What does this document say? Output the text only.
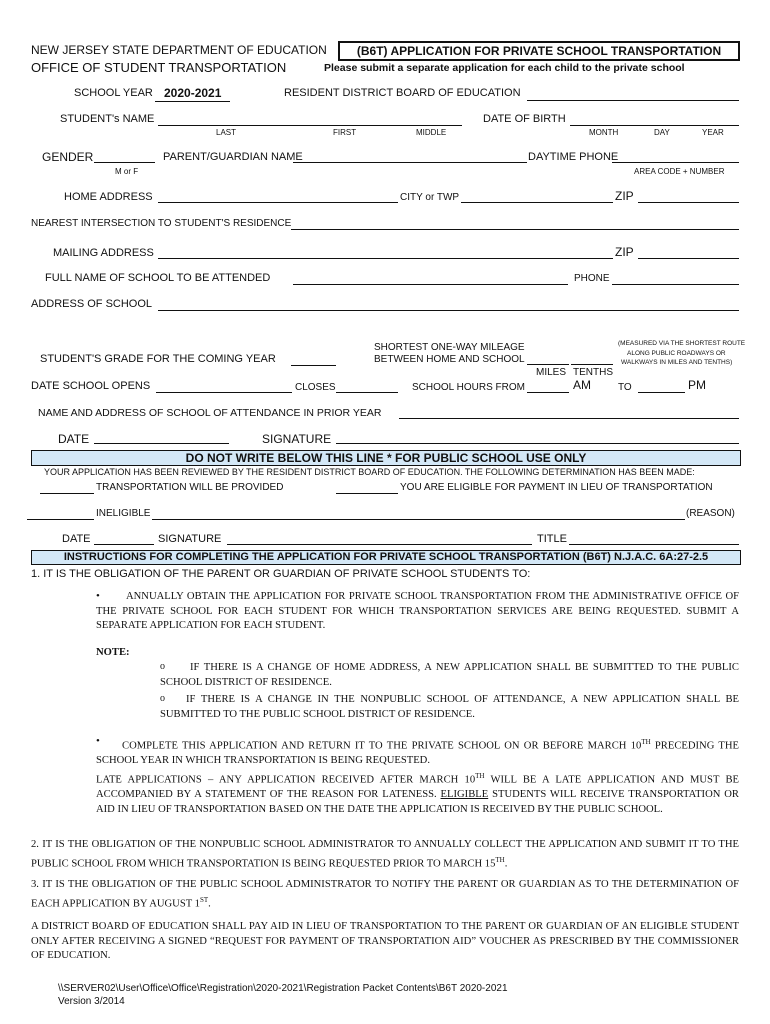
NEW JERSEY STATE DEPARTMENT OF EDUCATION
OFFICE OF STUDENT TRANSPORTATION
(B6T) APPLICATION FOR PRIVATE SCHOOL TRANSPORTATION
Please submit a separate application for each child to the private school
SCHOOL YEAR 2020-2021	RESIDENT DISTRICT BOARD OF EDUCATION
STUDENT's NAME
LAST	FIRST	MIDDLE
DATE OF BIRTH
MONTH	DAY	YEAR
GENDER
M or F
PARENT/GUARDIAN NAME	DAYTIME PHONE
AREA CODE + NUMBER
HOME ADDRESS	CITY or TWP	ZIP
NEAREST INTERSECTION TO STUDENT'S RESIDENCE
MAILING ADDRESS	ZIP
FULL NAME OF SCHOOL TO BE ATTENDED	PHONE
ADDRESS OF SCHOOL
SHORTEST ONE-WAY MILEAGE
BETWEEN HOME AND SCHOOL
(MEASURED VIA THE SHORTEST ROUTE
ALONG PUBLIC ROADWAYS OR
WALKWAYS IN MILES AND TENTHS)
STUDENT'S GRADE FOR THE COMING YEAR
MILES TENTHS
DATE SCHOOL OPENS	CLOSES	SCHOOL HOURS FROM	AM	TO	PM
NAME AND ADDRESS OF SCHOOL OF ATTENDANCE IN PRIOR YEAR
DATE	SIGNATURE
DO NOT WRITE BELOW THIS LINE * FOR PUBLIC SCHOOL USE ONLY
YOUR APPLICATION HAS BEEN REVIEWED BY THE RESIDENT DISTRICT BOARD OF EDUCATION. THE FOLLOWING DETERMINATION HAS BEEN MADE:
TRANSPORTATION WILL BE PROVIDED	YOU ARE ELIGIBLE FOR PAYMENT IN LIEU OF TRANSPORTATION
INELIGIBLE	(REASON)
DATE	SIGNATURE	TITLE
INSTRUCTIONS FOR COMPLETING THE APPLICATION FOR PRIVATE SCHOOL TRANSPORTATION (B6T) N.J.A.C. 6A:27-2.5
1. IT IS THE OBLIGATION OF THE PARENT OR GUARDIAN OF PRIVATE SCHOOL STUDENTS TO:
•	ANNUALLY OBTAIN THE APPLICATION FOR PRIVATE SCHOOL TRANSPORTATION FROM THE ADMINISTRATIVE OFFICE OF THE PRIVATE SCHOOL FOR EACH STUDENT FOR WHICH TRANSPORTATION SERVICES ARE BEING REQUESTED. SUBMIT A SEPARATE APPLICATION FOR EACH STUDENT.
NOTE:
o	IF THERE IS A CHANGE OF HOME ADDRESS, A NEW APPLICATION SHALL BE SUBMITTED TO THE PUBLIC SCHOOL DISTRICT OF RESIDENCE.
o	IF THERE IS A CHANGE IN THE NONPUBLIC SCHOOL OF ATTENDANCE, A NEW APPLICATION SHALL BE SUBMITTED TO THE PUBLIC SCHOOL DISTRICT OF RESIDENCE.
•	COMPLETE THIS APPLICATION AND RETURN IT TO THE PRIVATE SCHOOL ON OR BEFORE MARCH 10TH PRECEDING THE SCHOOL YEAR IN WHICH TRANSPORTATION IS BEING REQUESTED.
LATE APPLICATIONS – ANY APPLICATION RECEIVED AFTER MARCH 10TH WILL BE A LATE APPLICATION AND MUST BE ACCOMPANIED BY A STATEMENT OF THE REASON FOR LATENESS. ELIGIBLE STUDENTS WILL RECEIVE TRANSPORTATION OR AID IN LIEU OF TRANSPORTATION BASED ON THE DATE THE APPLICATION IS RECEIVED BY THE PUBLIC SCHOOL.
2. IT IS THE OBLIGATION OF THE NONPUBLIC SCHOOL ADMINISTRATOR TO ANNUALLY COLLECT THE APPLICATION AND SUBMIT IT TO THE PUBLIC SCHOOL FROM WHICH TRANSPORTATION IS BEING REQUESTED PRIOR TO MARCH 15TH.
3. IT IS THE OBLIGATION OF THE PUBLIC SCHOOL ADMINISTRATOR TO NOTIFY THE PARENT OR GUARDIAN AS TO THE DETERMINATION OF EACH APPLICATION BY AUGUST 1ST.
A DISTRICT BOARD OF EDUCATION SHALL PAY AID IN LIEU OF TRANSPORTATION TO THE PARENT OR GUARDIAN OF AN ELIGIBLE STUDENT ONLY AFTER RECEIVING A SIGNED “REQUEST FOR PAYMENT OF TRANSPORTATION AID” VOUCHER AS PRESCRIBED BY THE COMMISSIONER OF EDUCATION.
\\SERVER02\User\Office\Office\Registration\2020-2021\Registration Packet Contents\B6T 2020-2021
Version 3/2014
